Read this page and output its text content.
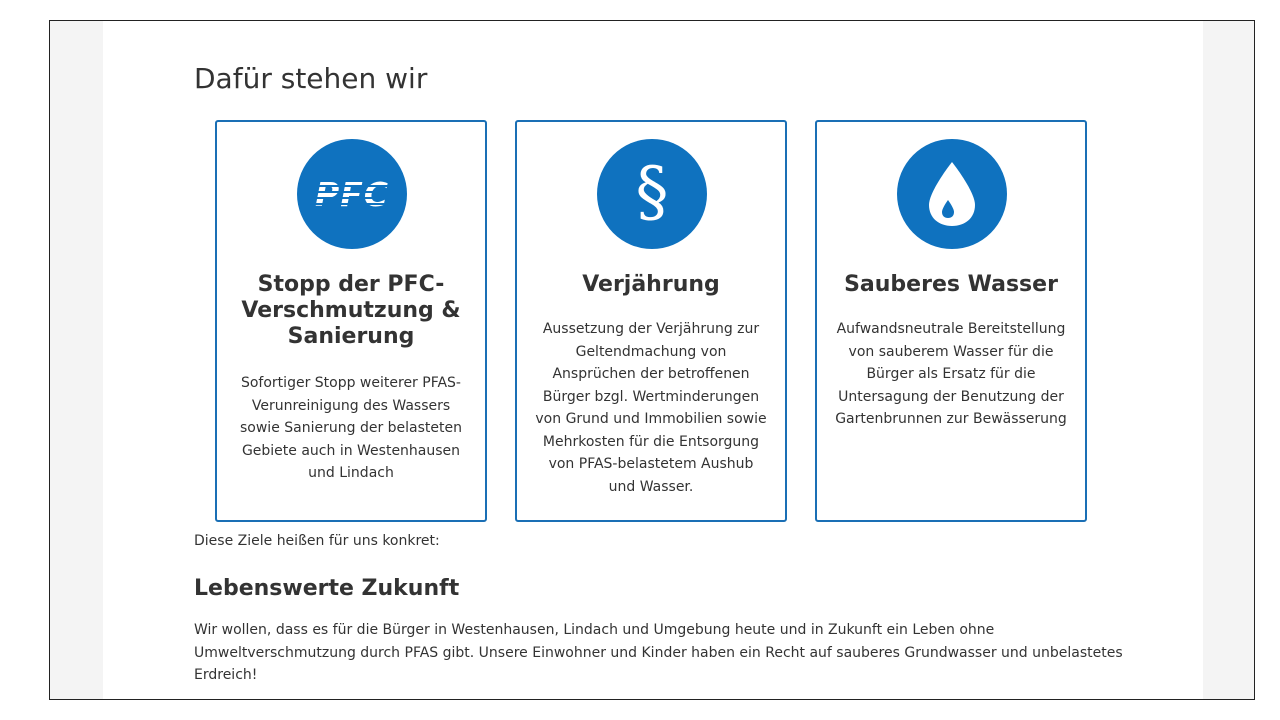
Dafür stehen wir
PFC
Stopp der PFC-Verschmutzung & Sanierung

Sofortiger Stopp weiterer PFAS-Verunreinigung des Wassers sowie Sanierung der belasteten Gebiete auch in Westenhausen und Lindach

§
Verjährung

Aussetzung der Verjährung zur Geltendmachung von Ansprüchen der betroffenen Bürger bzgl. Wertminderungen von Grund und Immobilien sowie Mehrkosten für die Entsorgung von PFAS-belastetem Aushub und Wasser.

Sauberes Wasser

Aufwandsneutrale Bereitstellung von sauberem Wasser für die Bürger als Ersatz für die Untersagung der Benutzung der Gartenbrunnen zur Bewässerung

Diese Ziele heißen für uns konkret:

Lebenswerte Zukunft

Wir wollen, dass es für die Bürger in Westenhausen, Lindach und Umgebung heute und in Zukunft ein Leben ohne Umweltverschmutzung durch PFAS gibt. Unsere Einwohner und Kinder haben ein Recht auf sauberes Grundwasser und unbelastetes Erdreich!
